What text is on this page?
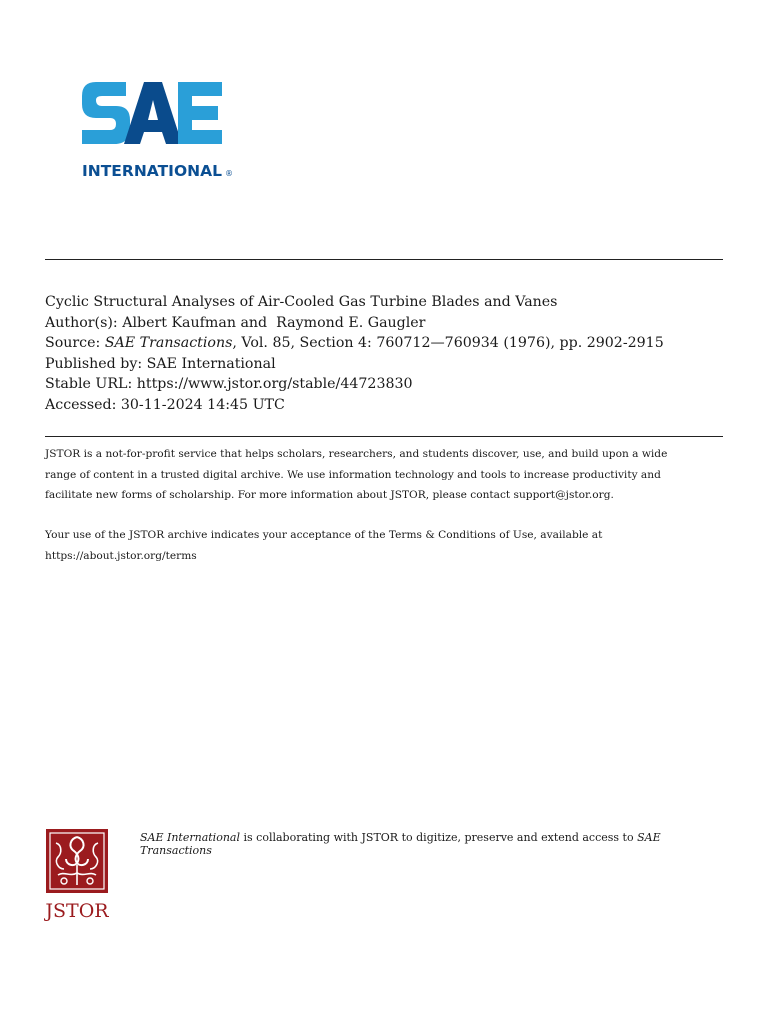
INTERNATIONAL ®
Cyclic Structural Analyses of Air-Cooled Gas Turbine Blades and Vanes
Author(s): Albert Kaufman and  Raymond E. Gaugler
Source: SAE Transactions, Vol. 85, Section 4: 760712—760934 (1976), pp. 2902-2915
Published by: SAE International
Stable URL: https://www.jstor.org/stable/44723830
Accessed: 30-11-2024 14:45 UTC
JSTOR is a not-for-profit service that helps scholars, researchers, and students discover, use, and build upon a wide
range of content in a trusted digital archive. We use information technology and tools to increase productivity and
facilitate new forms of scholarship. For more information about JSTOR, please contact support@jstor.org.
Your use of the JSTOR archive indicates your acceptance of the Terms & Conditions of Use, available at
https://about.jstor.org/terms
JSTOR
SAE International is collaborating with JSTOR to digitize, preserve and extend access to SAE Transactions
